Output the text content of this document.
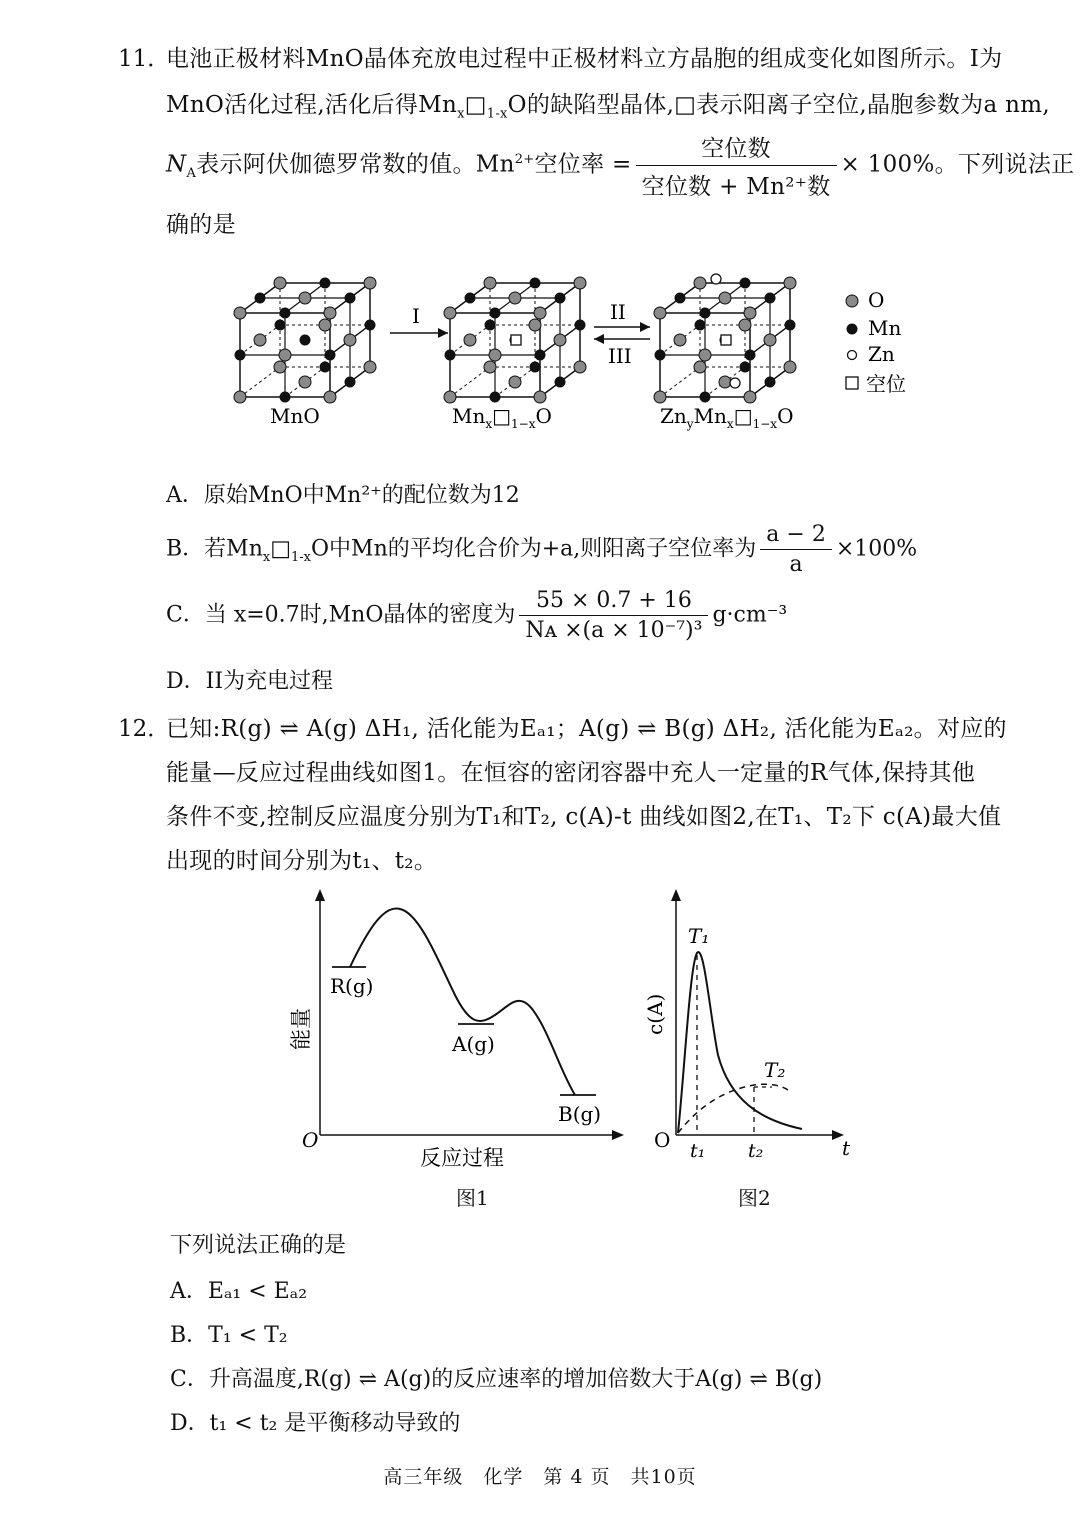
11．
电池正极材料MnO晶体充放电过程中正极材料立方晶胞的组成变化如图所示。I为
MnO活化过程,活化后得$Mn_x□_{1-x}O$的缺陷型晶体,□表示阳离子空位,晶胞参数为a nm,
$N_A$表示阿伏伽德罗常数的值。$Mn^{2+}$空位率 = $\frac{\text{空位数}}{\text{空位数 + Mn²⁺数}} \times 100\%$。下列说法正
确的是
I	II
III
MnO	$Mn_x□_{1-x}O$	$Zn_yMn_x□_{1-x}O$
O
Mn
Zn
空位
A．原始MnO中Mn²⁺的配位数为12
B．若$Mn_x□_{1-x}O$中Mn的平均化合价为+a,则阳离子空位率为 $\frac{a - 2}{a} \times 100\%$
C．当 x=0.7时,MnO晶体的密度为 $\frac{55 \times 0.7 + 16}{\text{Nᴀ ×(a × 10⁻⁷)³}} g\cdot cm^{-3}$
D．II为充电过程
12．
已知:R(g) ⇌ A(g) ΔH₁, 活化能为Eₐ₁；A(g) ⇌ B(g) ΔH₂, 活化能为Eₐ₂。对应的
能量—反应过程曲线如图1。在恒容的密闭容器中充人一定量的R气体,保持其他
条件不变,控制反应温度分别为T₁和T₂, c(A)-t 曲线如图2,在T₁、T₂下 c(A)最大值
出现的时间分别为t₁、t₂。
R(g)
A(g)
B(g)
O
反应过程
能量
图1
T₁
T₂
O t₁ t₂	t
c(A)
图2
下列说法正确的是
A．Eₐ₁ < Eₐ₂
B．T₁ < T₂
C．升高温度,R(g) ⇌ A(g)的反应速率的增加倍数大于A(g) ⇌ B(g)
D．t₁ < t₂ 是平衡移动导致的
高三年级　化学　第 4 页　共10页
